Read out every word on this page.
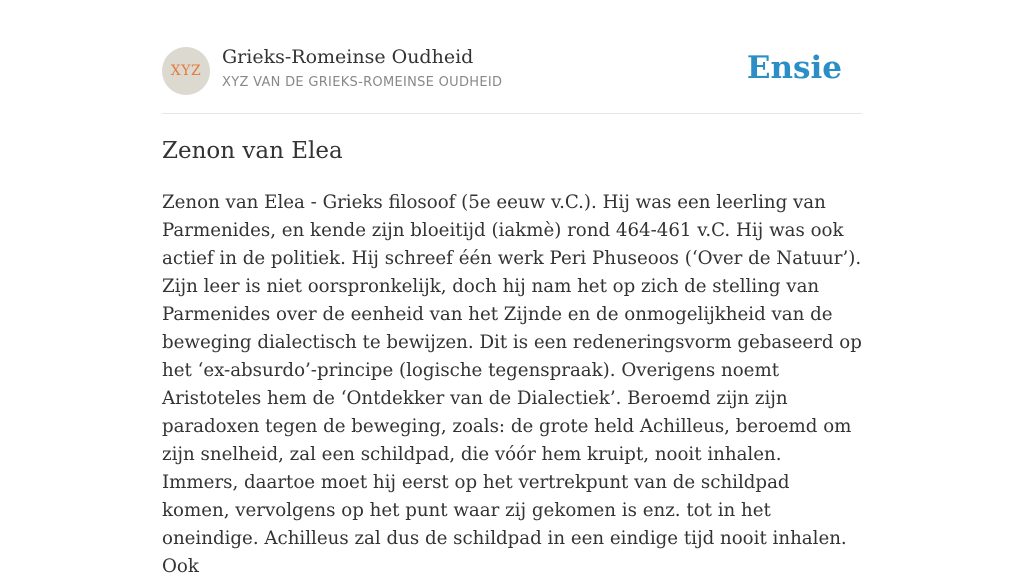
XYZ
Grieks-Romeinse Oudheid
XYZ VAN DE GRIEKS-ROMEINSE OUDHEID	Ensie
Zenon van Elea

Zenon van Elea - Grieks filosoof (5e eeuw v.C.). Hij was een leerling van Parmenides, en kende zijn bloeitijd (iakmè) rond 464-461 v.C. Hij was ook actief in de politiek. Hij schreef één werk Peri Phuseoos (‘Over de Natuur’). Zijn leer is niet oorspronkelijk, doch hij nam het op zich de stelling van Parmenides over de eenheid van het Zijnde en de onmogelijkheid van de beweging dialectisch te bewijzen. Dit is een redeneringsvorm gebaseerd op het ‘ex-absurdo’-principe (logische tegenspraak). Overigens noemt Aristoteles hem de ‘Ontdekker van de Dialectiek’. Beroemd zijn zijn paradoxen tegen de beweging, zoals: de grote held Achilleus, beroemd om zijn snelheid, zal een schildpad, die vóór hem kruipt, nooit inhalen. Immers, daartoe moet hij eerst op het vertrekpunt van de schildpad komen, vervolgens op het punt waar zij gekomen is enz. tot in het oneindige. Achilleus zal dus de schildpad in een eindige tijd nooit inhalen. Ook
